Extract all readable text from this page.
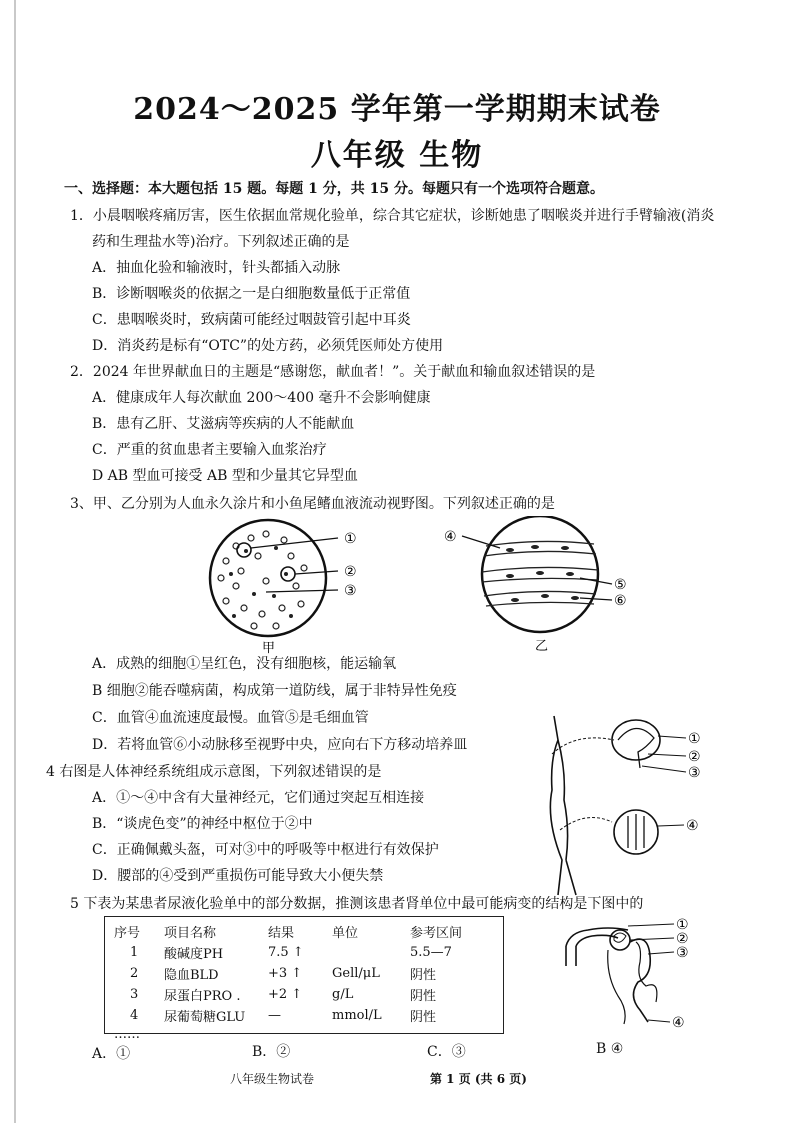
2024～2025 学年第一学期期末试卷
八年级 生物
一、选择题：本大题包括 15 题。每题 1 分，共 15 分。每题只有一个选项符合题意。
1．小晨咽喉疼痛厉害，医生依据血常规化验单，综合其它症状，诊断她患了咽喉炎并进行手臂输液(消炎
药和生理盐水等)治疗。下列叙述正确的是
A．抽血化验和输液时，针头都插入动脉
B．诊断咽喉炎的依据之一是白细胞数量低于正常值
C．患咽喉炎时，致病菌可能经过咽鼓管引起中耳炎
D．消炎药是标有“OTC”的处方药，必须凭医师处方使用
2．2024 年世界献血日的主题是“感谢您，献血者！”。关于献血和输血叙述错误的是
A．健康成年人每次献血 200～400 毫升不会影响健康
B．患有乙肝、艾滋病等疾病的人不能献血
C．严重的贫血患者主要输入血浆治疗
D AB 型血可接受 AB 型和少量其它异型血
3、甲、乙分别为人血永久涂片和小鱼尾鳍血液流动视野图。下列叙述正确的是
①
②
③
甲
④
⑤
⑥
乙
A．成熟的细胞①呈红色，没有细胞核，能运输氧
B 细胞②能吞噬病菌，构成第一道防线，属于非特异性免疫
C．血管④血流速度最慢。血管⑤是毛细血管
D．若将血管⑥小动脉移至视野中央，应向右下方移动培养皿	①
②
③
④
4 右图是人体神经系统组成示意图，下列叙述错误的是
A．①～④中含有大量神经元，它们通过突起互相连接
B．“谈虎色变”的神经中枢位于②中
C．正确佩戴头盔，可对③中的呼吸等中枢进行有效保护
D．腰部的④受到严重损伤可能导致大小便失禁
5 下表为某患者尿液化验单中的部分数据，推测该患者肾单位中最可能病变的结构是下图中的
序号	项目名称	结果	单位	参考区间
1	酸碱度PH	7.5 ↑		5.5—7
2	隐血BLD	+3 ↑	Gell/μL	阴性
3	尿蛋白PRO .	+2 ↑	g/L	阴性
4	尿葡萄糖GLU	—	mmol/L	阴性
……				
①
②
③
④
A．①	B．②	C．③	B ④
八年级生物试卷	第 1 页 (共 6 页)
